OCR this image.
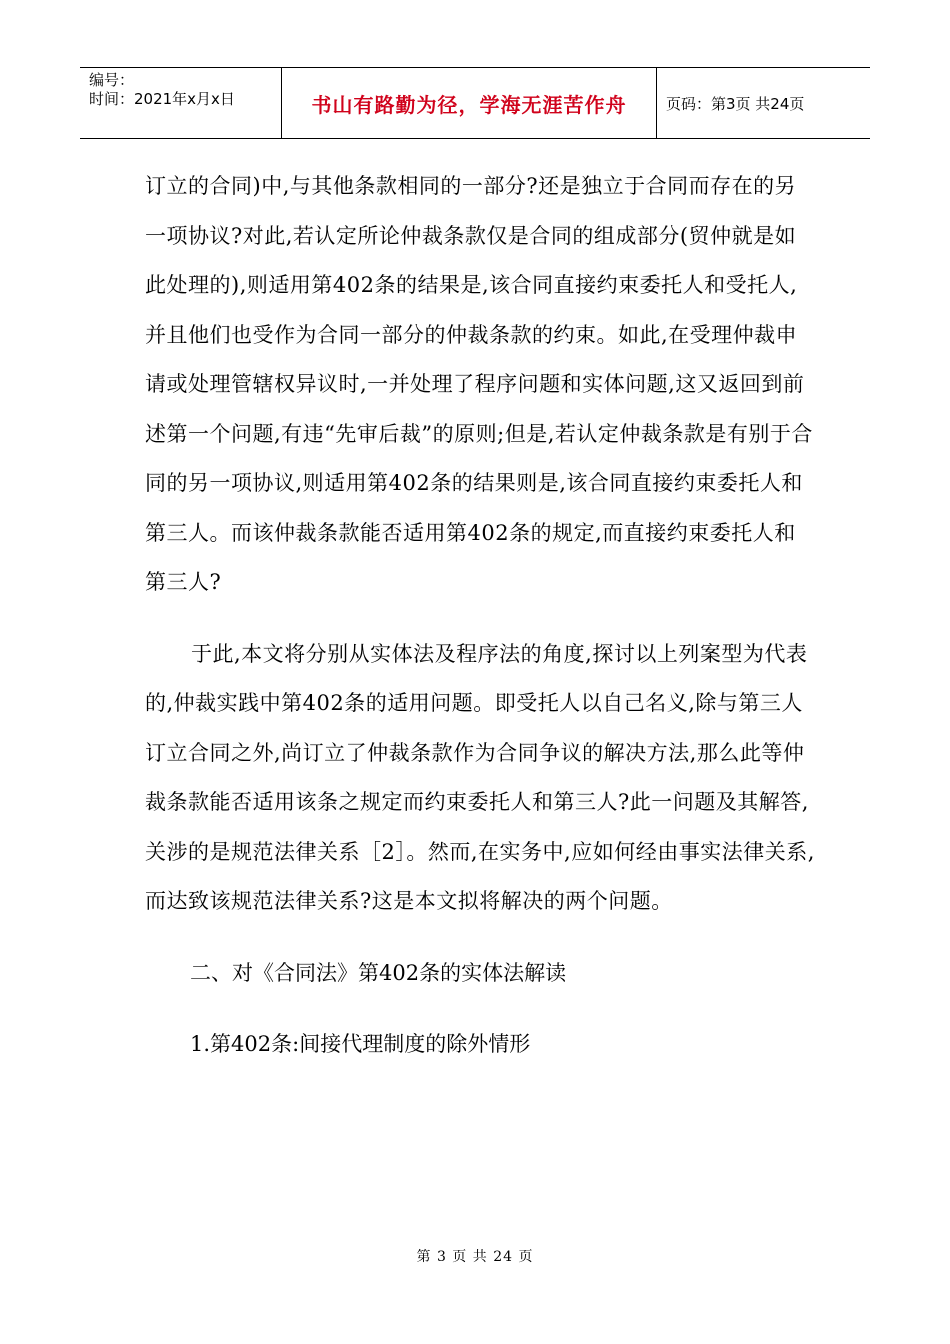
编号：
时间：2021年x月x日	书山有路勤为径，学海无涯苦作舟	页码：第3页 共24页

订立的合同)中,与其他条款相同的一部分?还是独立于合同而存在的另一项协议?对此,若认定所论仲裁条款仅是合同的组成部分(贸仲就是如此处理的),则适用第402条的结果是,该合同直接约束委托人和受托人,并且他们也受作为合同一部分的仲裁条款的约束。如此,在受理仲裁申请或处理管辖权异议时,一并处理了程序问题和实体问题,这又返回到前述第一个问题,有违“先审后裁”的原则;但是,若认定仲裁条款是有别于合同的另一项协议,则适用第402条的结果则是,该合同直接约束委托人和第三人。而该仲裁条款能否适用第402条的规定,而直接约束委托人和第三人?

于此,本文将分别从实体法及程序法的角度,探讨以上列案型为代表的,仲裁实践中第402条的适用问题。即受托人以自己名义,除与第三人订立合同之外,尚订立了仲裁条款作为合同争议的解决方法,那么此等仲裁条款能否适用该条之规定而约束委托人和第三人?此一问题及其解答,关涉的是规范法律关系［2］。然而,在实务中,应如何经由事实法律关系,而达致该规范法律关系?这是本文拟将解决的两个问题。

二、对《合同法》第402条的实体法解读

1.第402条:间接代理制度的除外情形

第 3 页 共 24 页
